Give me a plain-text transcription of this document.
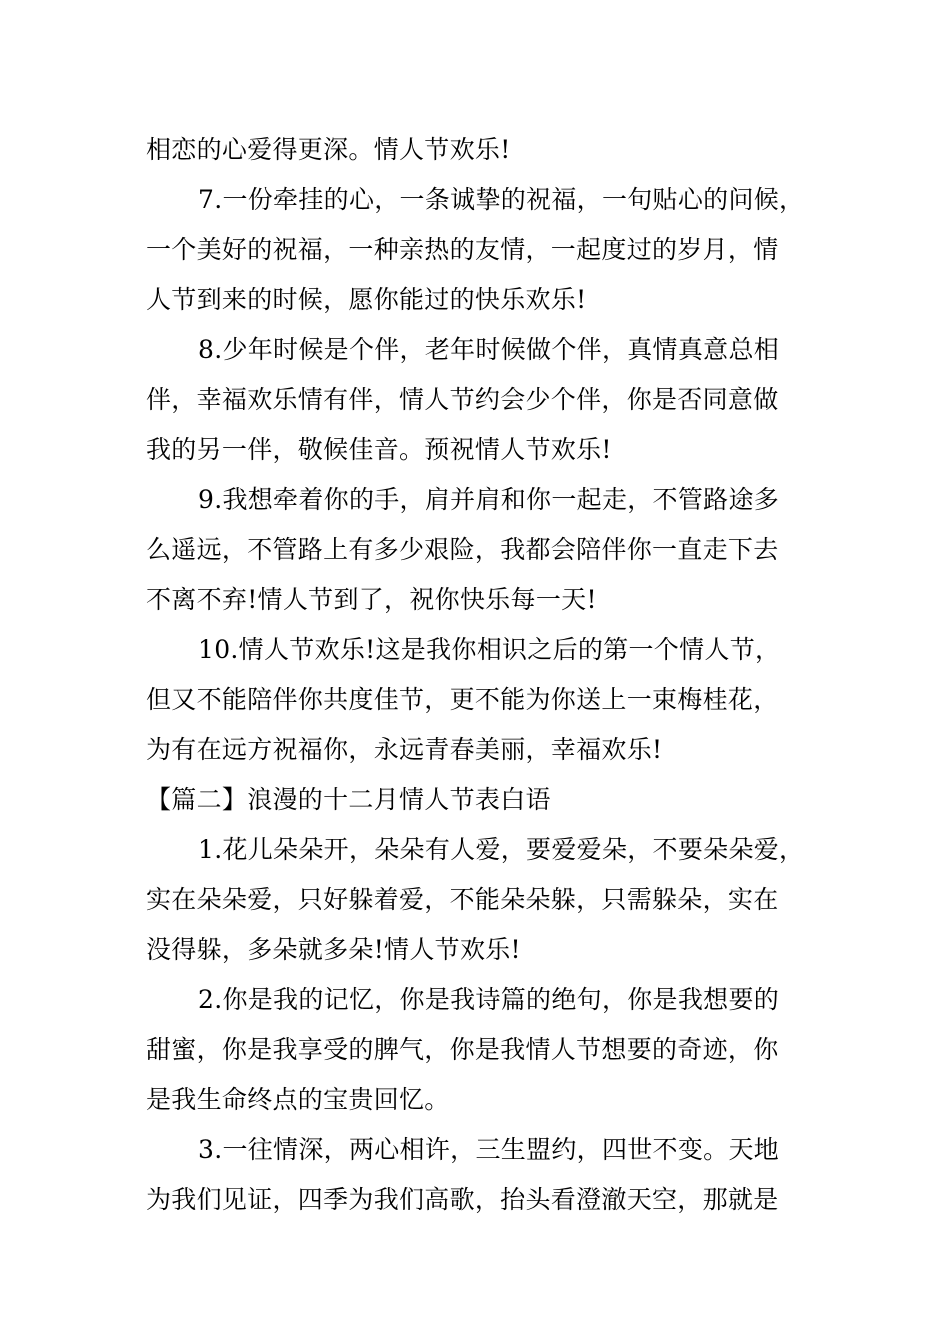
相恋的心爱得更深。情人节欢乐!
7.一份牵挂的心，一条诚挚的祝福，一句贴心的问候，
一个美好的祝福，一种亲热的友情，一起度过的岁月，情
人节到来的时候，愿你能过的快乐欢乐!
8.少年时候是个伴，老年时候做个伴，真情真意总相
伴，幸福欢乐情有伴，情人节约会少个伴，你是否同意做
我的另一伴，敬候佳音。预祝情人节欢乐!
9.我想牵着你的手，肩并肩和你一起走，不管路途多
么遥远，不管路上有多少艰险，我都会陪伴你一直走下去
不离不弃!情人节到了，祝你快乐每一天!
10.情人节欢乐!这是我你相识之后的第一个情人节，
但又不能陪伴你共度佳节，更不能为你送上一束梅桂花，
为有在远方祝福你，永远青春美丽，幸福欢乐!
【篇二】浪漫的十二月情人节表白语
1.花儿朵朵开，朵朵有人爱，要爱爱朵，不要朵朵爱，
实在朵朵爱，只好躲着爱，不能朵朵躲，只需躲朵，实在
没得躲，多朵就多朵!情人节欢乐!
2.你是我的记忆，你是我诗篇的绝句，你是我想要的
甜蜜，你是我享受的脾气，你是我情人节想要的奇迹，你
是我生命终点的宝贵回忆。
3.一往情深，两心相许，三生盟约，四世不变。天地
为我们见证，四季为我们高歌，抬头看澄澈天空，那就是
